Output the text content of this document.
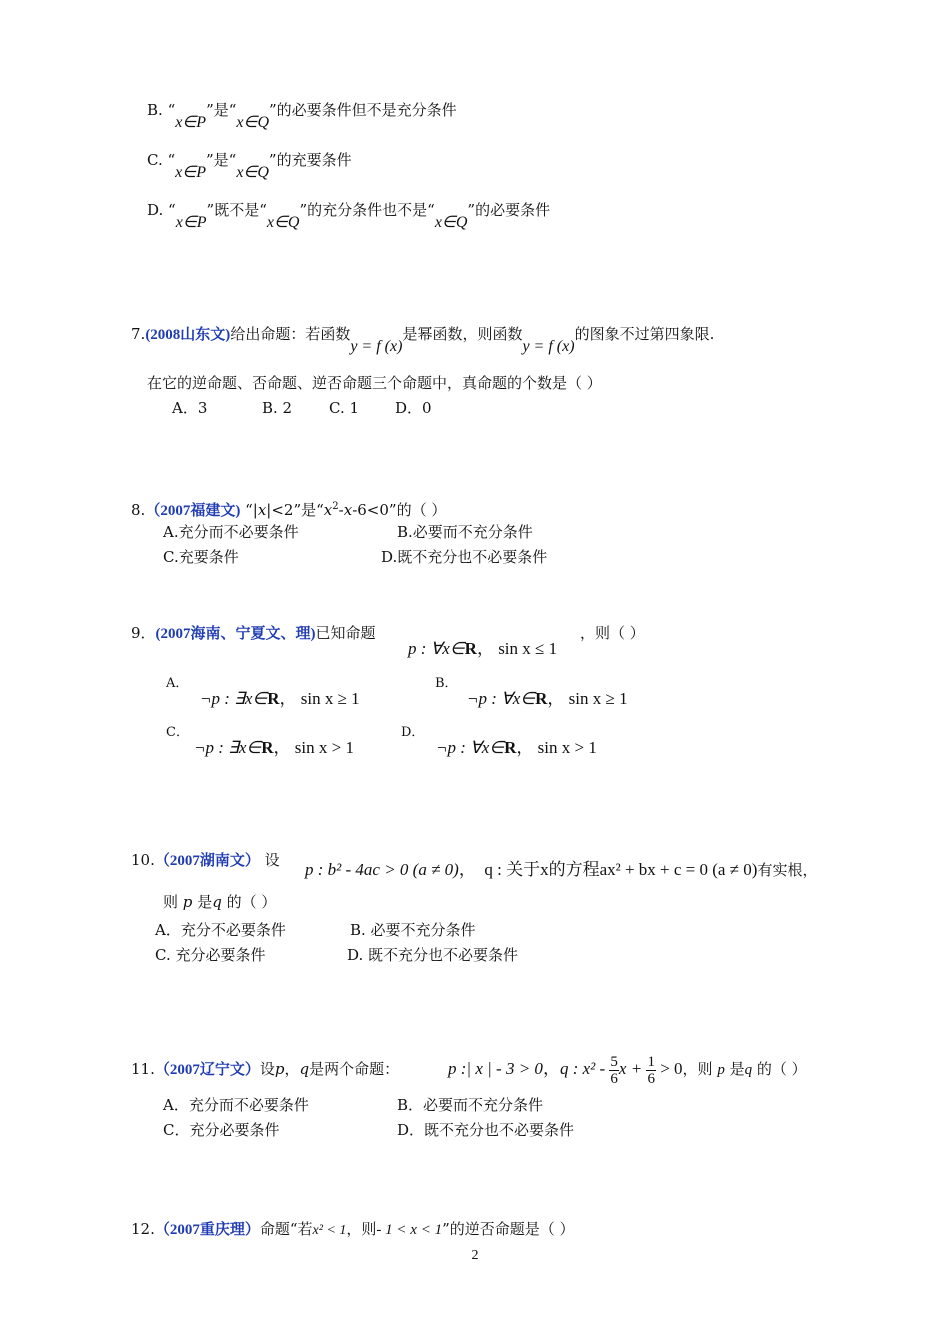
B. “x∈P”是“x∈Q”的必要条件但不是充分条件
C. “x∈P”是“x∈Q”的充要条件
D. “x∈P”既不是“x∈Q”的充分条件也不是“x∈Q”的必要条件
7.(2008山东文)给出命题：若函数y = f (x)是幂函数，则函数y = f (x)的图象不过第四象限.
在它的逆命题、否命题、逆否命题三个命题中，真命题的个数是（ ）
A．3	B. 2 C. 1 D．0
8.（2007福建文) “|x|<2”是“$x^2-x-6<0$”的（ ）
A.充分而不必要条件	B.必要而不充分条件
C.充要条件	D.既不充分也不必要条件
9．(2007海南、宁夏文、理)已知命题
p : ∀x∈R， sin x ≤ 1
，则（ ）
A．
¬p : ∃x∈R， sin x ≥ 1
B．
¬p : ∀x∈R， sin x ≥ 1
C．
¬p : ∃x∈R， sin x > 1
D．
¬p : ∀x∈R， sin x > 1
10.（2007湖南文） 设 p : b² - 4ac > 0 (a ≠ 0)， q : 关于x的方程ax² + bx + c = 0 (a ≠ 0)有实根，
则 p 是q 的（ ）
A．充分不必要条件	B. 必要不充分条件
C. 充分必要条件	D. 既不充分也不必要条件
11.（2007辽宁文）设p，q是两个命题：	p :| x | - 3 > 0，q : $x^2 - \frac{5}{6}$ $x + \frac{1}{6} > 0$，则 p 是q 的（ ）
A．充分而不必要条件	B．必要而不充分条件
C．充分必要条件	D．既不充分也不必要条件
12.（2007重庆理）命题“若x² < 1，则- 1 < x < 1”的逆否命题是（ ）
2
